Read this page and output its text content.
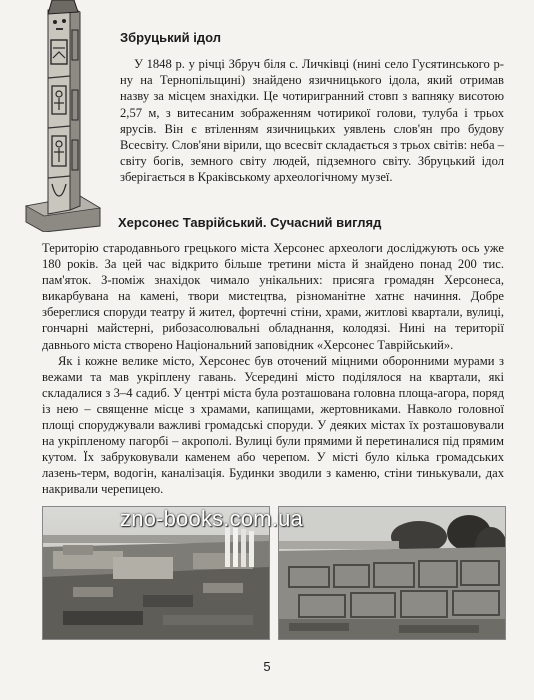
Збруцький ідол

У 1848 р. у річці Збруч біля с. Личківці (нині село Гусятинського р-ну на Тернопільщині) знайдено язичницького ідола, який отримав назву за місцем знахідки. Це чотиригранний стовп з вапняку висотою 2,57 м, з витесаним зображенням чотирикої голови, тулуба і трьох ярусів. Він є втіленням язичницьких уявлень слов'ян про будову Всесвіту. Слов'яни вірили, що всесвіт складається з трьох світів: неба – світу богів, земного світу людей, підземного світу. Збруцький ідол зберігається в Краківському археологічному музеї.

Херсонес Таврійський. Сучасний вигляд

Територію стародавнього грецького міста Херсонес археологи досліджують ось уже 180 років. За цей час відкрито більше третини міста й знайдено понад 200 тис. пам'яток. З-поміж знахідок чимало унікальних: присяга громадян Херсонеса, викарбувана на камені, твори мистецтва, різноманітне хатнє начиння. Добре збереглися споруди театру й жител, фортечні стіни, храми, житлові квартали, вулиці, гончарні майстерні, рибозасолювальні обладнання, колодязі. Нині на території давнього міста створено Національний заповідник «Херсонес Таврійський».

Як і кожне велике місто, Херсонес був оточений міцними оборонними мурами з вежами та мав укріплену гавань. Усередині місто поділялося на квартали, які складалися з 3–4 садиб. У центрі міста була розташована головна площа-агора, поряд із нею – священне місце з храмами, капищами, жертовниками. Навколо головної площі споруджували важливі громадські споруди. У деяких містах їх розташовували на укріпленому пагорбі – акрополі. Вулиці були прямими й перетиналися під прямим кутом. Їх забруковували каменем або черепом. У місті було кілька громадських лазень-терм, водогін, каналізація. Будинки зводили з каменю, стіни тинькували, дах накривали черепицею.

zno-books.com.ua
5
